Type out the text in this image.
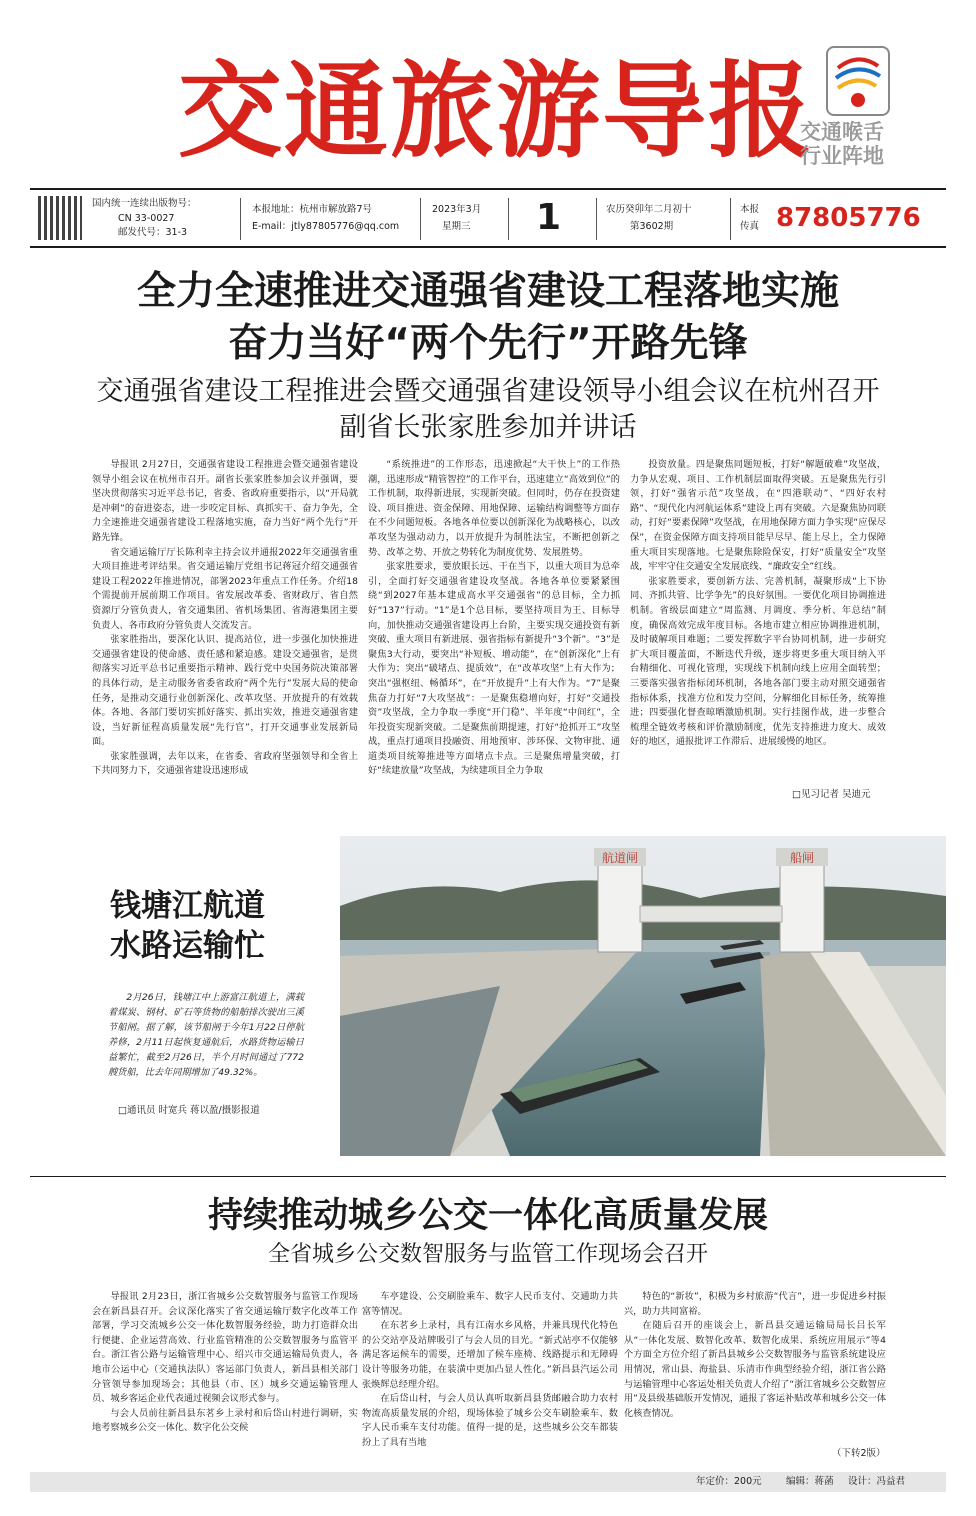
交通旅游导报
交通喉舌
行业阵地
国内统一连续出版物号：
CN 33-0027
邮发代号：31-3
本报地址：杭州市解放路7号
E-mail：jtly87805776@qq.com
2023年3月
星期三 1	农历癸卯年二月初十
第3602期
本报
传真 87805776
全力全速推进交通强省建设工程落地实施
奋力当好“两个先行”开路先锋
交通强省建设工程推进会暨交通强省建设领导小组会议在杭州召开
副省长张家胜参加并讲话

导报讯 2月27日，交通强省建设工程推进会暨交通强省建设领导小组会议在杭州市召开。副省长张家胜参加会议并强调，要坚决贯彻落实习近平总书记，省委、省政府重要指示，以“开局就是冲刺”的奋进姿态，进一步咬定目标、真抓实干、奋力争先，全力全速推进交通强省建设工程落地实施，奋力当好“两个先行”开路先锋。

省交通运输厅厅长陈利幸主持会议并通报2022年交通强省重大项目推进考评结果。省交通运输厅党组书记蒋冠介绍交通强省建设工程2022年推进情况，部署2023年重点工作任务。介绍18个需提前开展前期工作项目。省发展改革委、省财政厅、省自然资源厅分管负责人，省交通集团、省机场集团、省海港集团主要负责人、各市政府分管负责人交流发言。

张家胜指出，要深化认识、提高站位，进一步强化加快推进交通强省建设的使命感、责任感和紧迫感。建设交通强省，是贯彻落实习近平总书记重要指示精神、践行党中央国务院决策部署的具体行动，是主动服务省委省政府“两个先行”发展大局的使命任务，是推动交通行业创新深化、改革攻坚、开放提升的有效载体。各地、各部门要切实抓好落实、抓出实效，推进交通强省建设，当好新征程高质量发展“先行官”，打开交通事业发展新局面。

张家胜强调，去年以来，在省委、省政府坚强领导和全省上下共同努力下，交通强省建设迅速形成

“系统推进”的工作形态，迅速掀起“大干快上”的工作热潮，迅速形成“精管智控”的工作平台，迅速建立“高效到位”的工作机制，取得新进展，实现新突破。但同时，仍存在投资建设、项目推进、资金保障、用地保障、运输结构调整等方面存在不少问题短板。各地各单位要以创新深化为战略核心，以改革攻坚为强动动力，以开放提升为制胜法宝，不断把创新之势、改革之势、开放之势转化为制度优势、发展胜势。

张家胜要求，要放眼长远、干在当下，以重大项目为总牵引，全面打好交通强省建设攻坚战。各地各单位要紧紧围绕“到2027年基本建成高水平交通强省”的总目标，全力抓好“137”行动。“1”是1个总目标，要坚持项目为王、目标导向，加快推动交通强省建设再上台阶，主要实现交通投资有新突破、重大项目有新进展、强省指标有新提升“3个新”。“3”是聚焦3大行动，要突出“补短板、增动能”，在“创新深化”上有大作为；突出“破堵点、提质效”，在“改革攻坚”上有大作为；突出“强枢纽、畅循环”，在“开放提升”上有大作为。“7”是聚焦奋力打好“7大攻坚战”：一是聚焦稳增向好，打好“交通投资”攻坚战，全力争取一季度“开门稳”、半年度“中间红”，全年投资实现新突破。二是聚焦前期提速，打好“抢抓开工”攻坚战，重点打通项目投融资、用地预审、涉环保、文物审批、通道类项目统筹推进等方面堵点卡点。三是聚焦增量突破，打好“续建放量”攻坚战，为续建项目全力争取

投资放量。四是聚焦同题短板，打好“解题破难”攻坚战，力争从宏观、项目、工作机制层面取得突破。五是聚焦先行引领，打好“强省示范”攻坚战，在“四港联动”、“四好农村路”、“现代化内河航运体系”建设上再有突破。六是聚焦协同联动，打好“要素保障”攻坚战，在用地保障方面力争实现“应保尽保”，在资金保障方面支持项目能早尽早、能上尽上，全力保障重大项目实现落地。七是聚焦除险保安，打好“质量安全”攻坚战，牢牢守住交通安全发展底线、“廉政安全”红线。

张家胜要求，要创新方法、完善机制，凝聚形成“上下协同、齐抓共管、比学争先”的良好氛围。一要优化项目协调推进机制。省级层面建立“周监测、月调度、季分析、年总结”制度，确保高效完成年度目标。各地市建立相应协调推进机制，及时破解项目难题；二要发挥数字平台协同机制，进一步研究扩大项目覆盖面，不断迭代升级，逐步将更多重大项目纳入平台精细化、可视化管理，实现线下机制向线上应用全面转型；三要落实强省指标闭环机制，各地各部门要主动对照交通强省指标体系，找准方位和发力空间，分解细化目标任务，统筹推进；四要强化督查晾晒激励机制。实行挂图作战，进一步整合梳理全链效考核和评价激励制度，优先支持推进力度大、成效好的地区，通报批评工作滞后、进展缓慢的地区。

□见习记者 吴迪元
钱塘江航道
水路运输忙
2月26日，钱塘江中上游富江航道上，满载着煤炭、钢材、矿石等货物的船舶排次驶出三溪节船闸。据了解，该节船闸于今年1月22日停航养修，2月11日起恢复通航后，水路货物运输日益繁忙，截至2月26日，半个月时间通过了772艘货船，比去年同期增加了49.32%。
□通讯员 时宽兵 蒋以盈/摄影报道
航道闸	船闸
持续推动城乡公交一体化高质量发展
全省城乡公交数智服务与监管工作现场会召开

导报讯 2月23日，浙江省城乡公交数智服务与监管工作现场会在新昌县召开。会议深化落实了省交通运输厅数字化改革工作部署，学习交流城乡公交一体化数智服务经验，助力打造群众出行便捷、企业运营高效、行业监管精准的公交数智服务与监管平台。浙江省公路与运输管理中心、绍兴市交通运输局负责人，各地市公运中心（交通执法队）客运部门负责人，新昌县相关部门分管领导参加现场会；其他县（市、区）城乡交通运输管理人员、城乡客运企业代表通过视频会议形式参与。

与会人员前往新昌县东茗乡上录村和后岱山村进行调研，实地考察城乡公交一体化、数字化公交候

车亭建设、公交刷脸乘车、数字人民币支付、交通助力共富等情况。

在东茗乡上录村，具有江南水乡风格，并兼具现代化特色的公交站亭及站牌吸引了与会人员的目光。“新式站亭不仅能够满足客运候车的需要，还增加了候车座椅、线路提示和无障碍设计等服务功能，在装潢中更加凸显人性化。”新昌县汽运公司张焕辉总经理介绍。

在后岱山村，与会人员认真听取新昌县货邮融合助力农村物流高质量发展的介绍，现场体验了城乡公交车刷脸乘车、数字人民币乘车支付功能。值得一提的是，这些城乡公交车都装扮上了具有当地

特色的“新妆”，积极为乡村旅游“代言”，进一步促进乡村振兴，助力共同富裕。

在随后召开的座谈会上，新昌县交通运输局局长吕长军从“一体化发展、数智化改革、数智化成果、系统应用展示”等4个方面全方位介绍了新昌县城乡公交数智服务与监管系统建设应用情况，常山县、海盐县、乐清市作典型经验介绍，浙江省公路与运输管理中心客运处相关负责人介绍了“浙江省城乡公交数智应用”及县级基础版开发情况，通报了客运补贴改革和城乡公交一体化核查情况。

（下转2版）
年定价：200元	编辑：蒋菡 设计：冯益君
